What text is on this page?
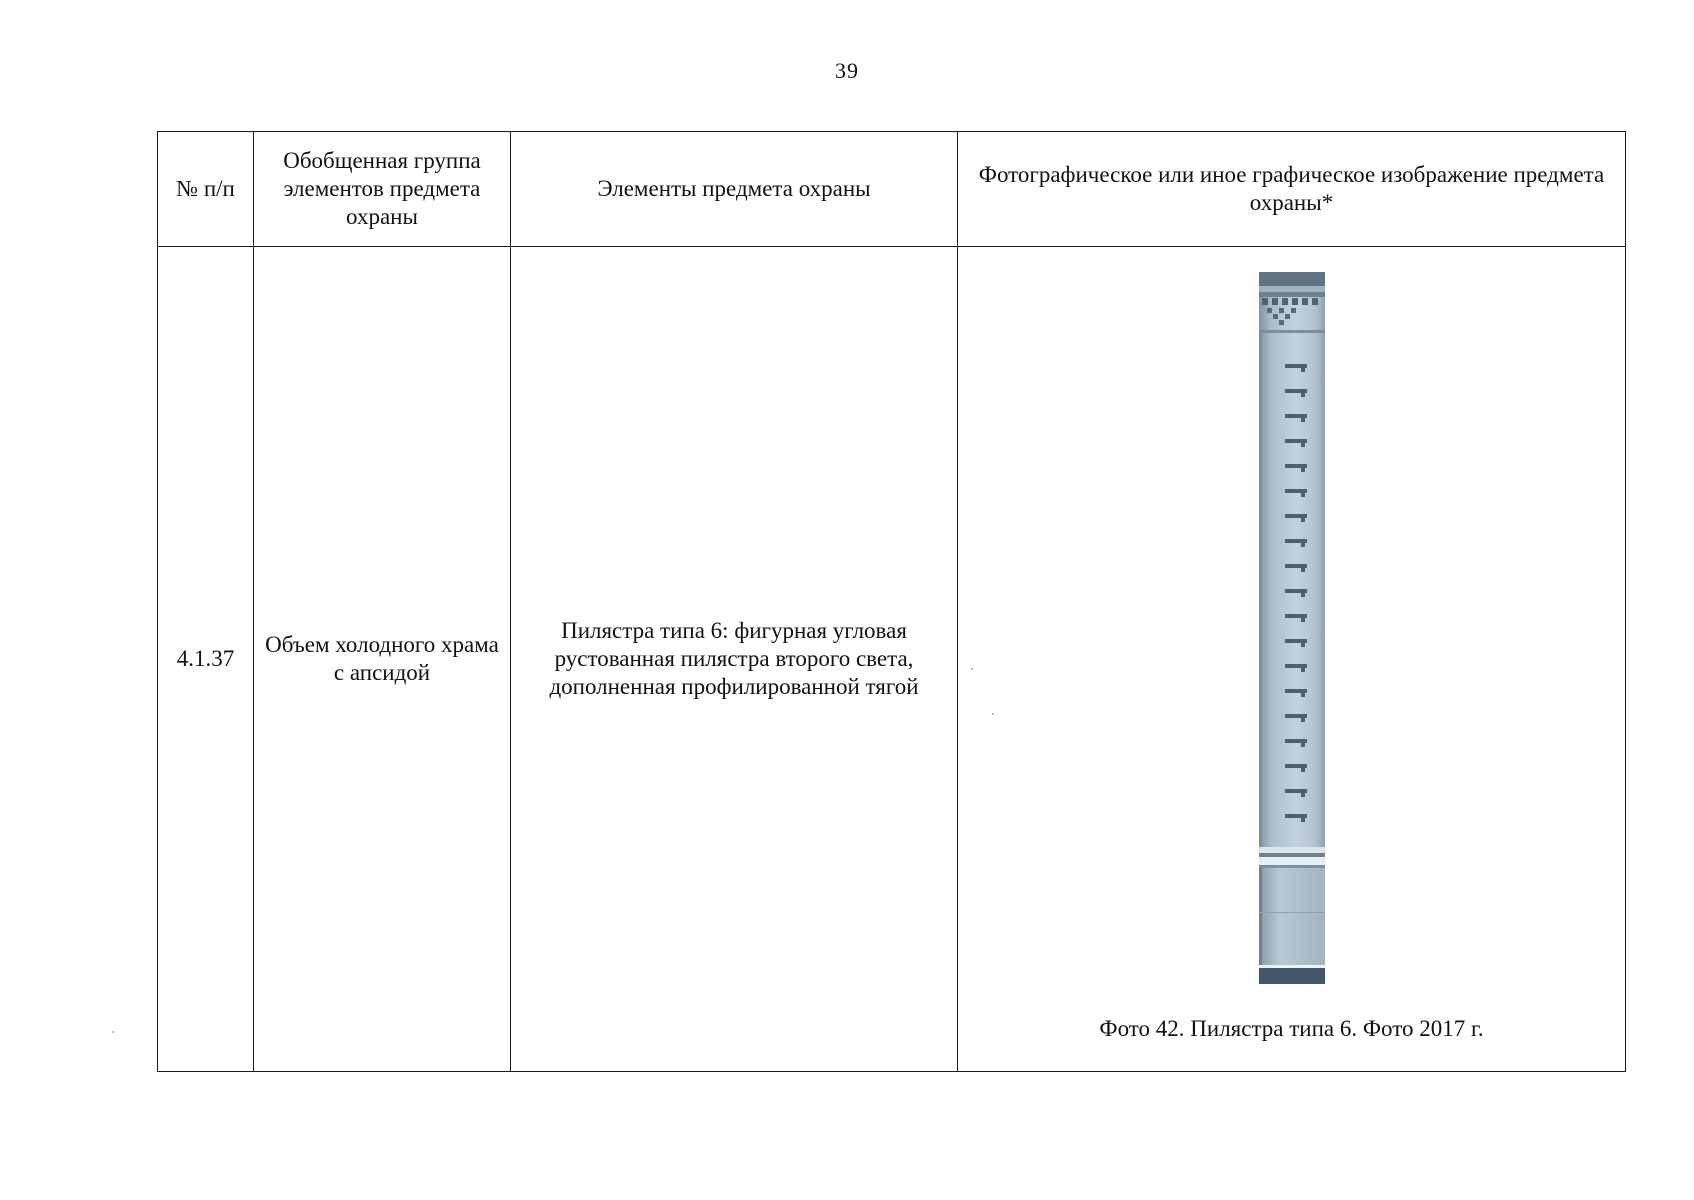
39
№ п/п	Обобщенная группа элементов предмета охраны	Элементы предмета охраны	Фотографическое или иное графическое изображение предмета охраны*
4.1.37	Объем холодного храма с апсидой	Пилястра типа 6: фигурная угловая рустованная пилястра второго света, дополненная профилированной тягой	Фото 42. Пилястра типа 6. Фото 2017 г.
